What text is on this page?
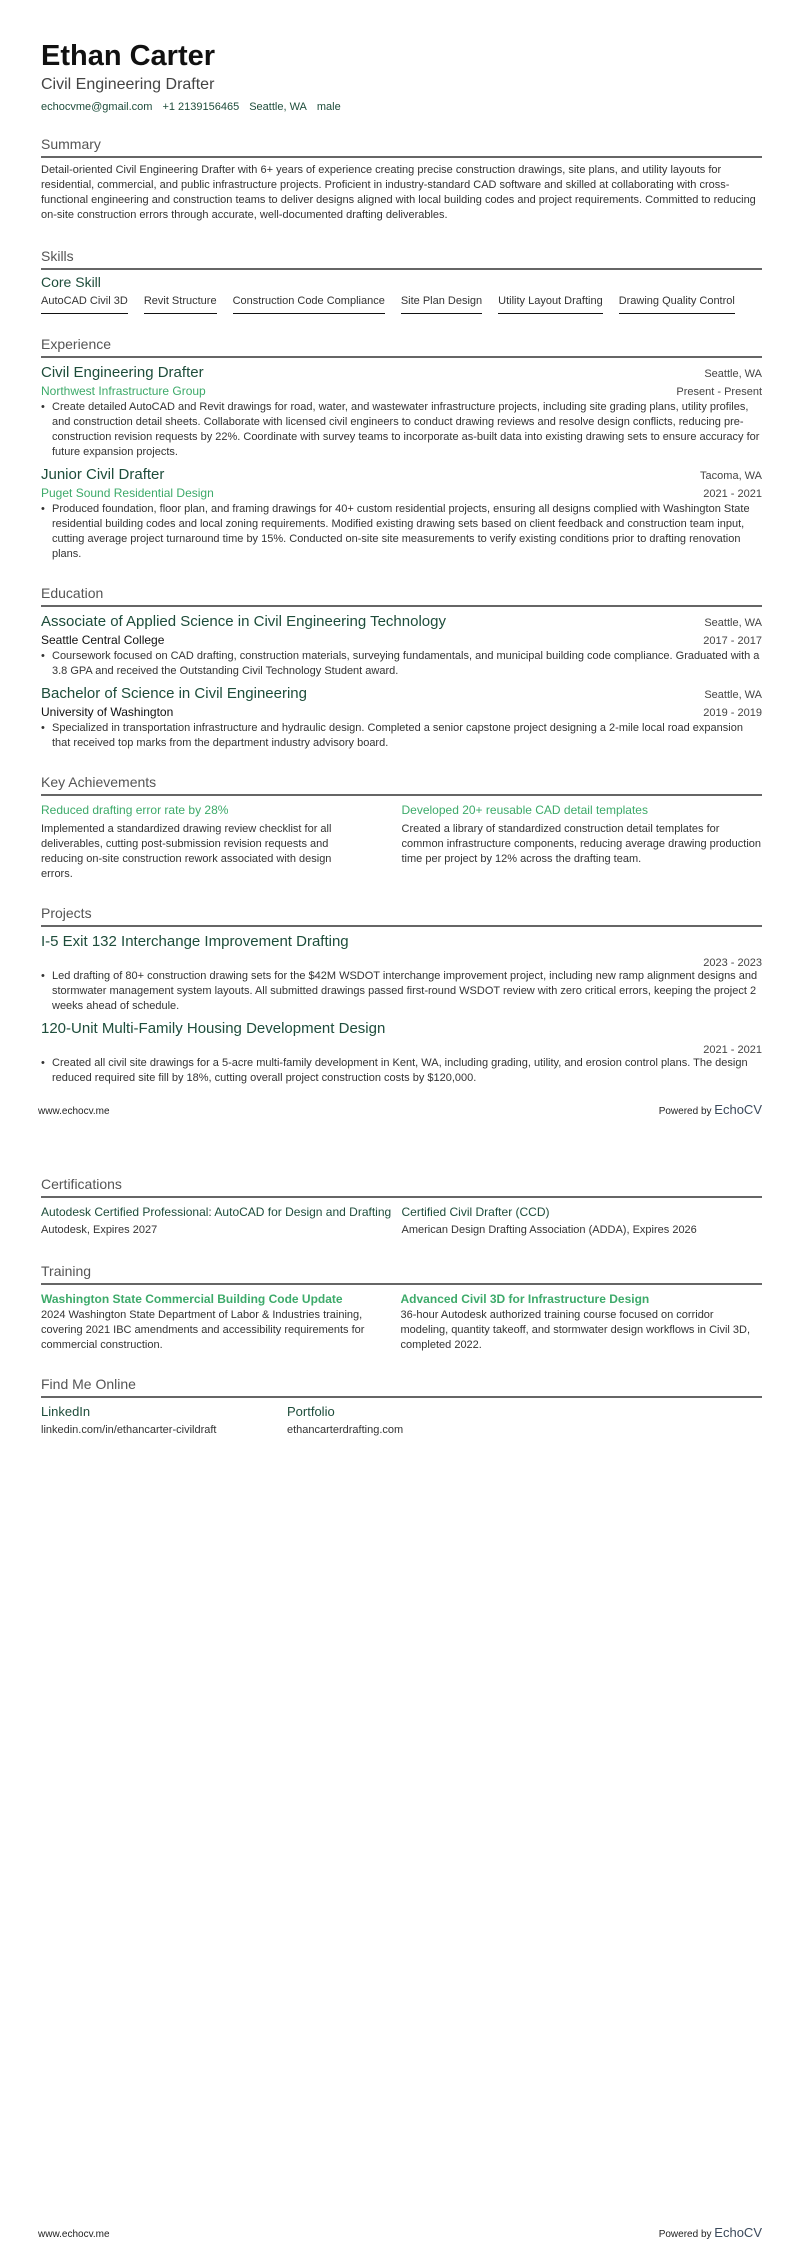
Ethan Carter
Civil Engineering Drafter
echocvme@gmail.com +1 2139156465 Seattle, WA male
Summary
Detail-oriented Civil Engineering Drafter with 6+ years of experience creating precise construction drawings, site plans, and utility layouts for residential, commercial, and public infrastructure projects. Proficient in industry-standard CAD software and skilled at collaborating with cross-functional engineering and construction teams to deliver designs aligned with local building codes and project requirements. Committed to reducing on-site construction errors through accurate, well-documented drafting deliverables.
Skills
Core Skill
AutoCAD Civil 3D Revit Structure Construction Code Compliance Site Plan Design Utility Layout Drafting Drawing Quality Control
Experience
Civil Engineering Drafter	Seattle, WA
Northwest Infrastructure Group	Present - Present
• Create detailed AutoCAD and Revit drawings for road, water, and wastewater infrastructure projects, including site grading plans, utility profiles, and construction detail sheets. Collaborate with licensed civil engineers to conduct drawing reviews and resolve design conflicts, reducing pre-construction revision requests by 22%. Coordinate with survey teams to incorporate as-built data into existing drawing sets to ensure accuracy for future expansion projects.
Junior Civil Drafter	Tacoma, WA
Puget Sound Residential Design	2021 - 2021
• Produced foundation, floor plan, and framing drawings for 40+ custom residential projects, ensuring all designs complied with Washington State residential building codes and local zoning requirements. Modified existing drawing sets based on client feedback and construction team input, cutting average project turnaround time by 15%. Conducted on-site site measurements to verify existing conditions prior to drafting renovation plans.
Education
Associate of Applied Science in Civil Engineering Technology	Seattle, WA
Seattle Central College	2017 - 2017
• Coursework focused on CAD drafting, construction materials, surveying fundamentals, and municipal building code compliance. Graduated with a 3.8 GPA and received the Outstanding Civil Technology Student award.
Bachelor of Science in Civil Engineering	Seattle, WA
University of Washington	2019 - 2019
• Specialized in transportation infrastructure and hydraulic design. Completed a senior capstone project designing a 2-mile local road expansion that received top marks from the department industry advisory board.
Key Achievements
Reduced drafting error rate by 28%
Implemented a standardized drawing review checklist for all deliverables, cutting post-submission revision requests and reducing on-site construction rework associated with design errors.
Developed 20+ reusable CAD detail templates
Created a library of standardized construction detail templates for common infrastructure components, reducing average drawing production time per project by 12% across the drafting team.
Projects
I-5 Exit 132 Interchange Improvement Drafting
2023 - 2023
• Led drafting of 80+ construction drawing sets for the $42M WSDOT interchange improvement project, including new ramp alignment designs and stormwater management system layouts. All submitted drawings passed first-round WSDOT review with zero critical errors, keeping the project 2 weeks ahead of schedule.
120-Unit Multi-Family Housing Development Design
2021 - 2021
• Created all civil site drawings for a 5-acre multi-family development in Kent, WA, including grading, utility, and erosion control plans. The design reduced required site fill by 18%, cutting overall project construction costs by $120,000.
www.echocv.me	Powered by EchoCV
Certifications
Autodesk Certified Professional: AutoCAD for Design and Drafting
Autodesk, Expires 2027
Certified Civil Drafter (CCD)
American Design Drafting Association (ADDA), Expires 2026
Training
Washington State Commercial Building Code Update
2024 Washington State Department of Labor & Industries training, covering 2021 IBC amendments and accessibility requirements for commercial construction.
Advanced Civil 3D for Infrastructure Design
36-hour Autodesk authorized training course focused on corridor modeling, quantity takeoff, and stormwater design workflows in Civil 3D, completed 2022.
Find Me Online
LinkedIn
linkedin.com/in/ethancarter-civildraft
Portfolio
ethancarterdrafting.com
www.echocv.me	Powered by EchoCV
